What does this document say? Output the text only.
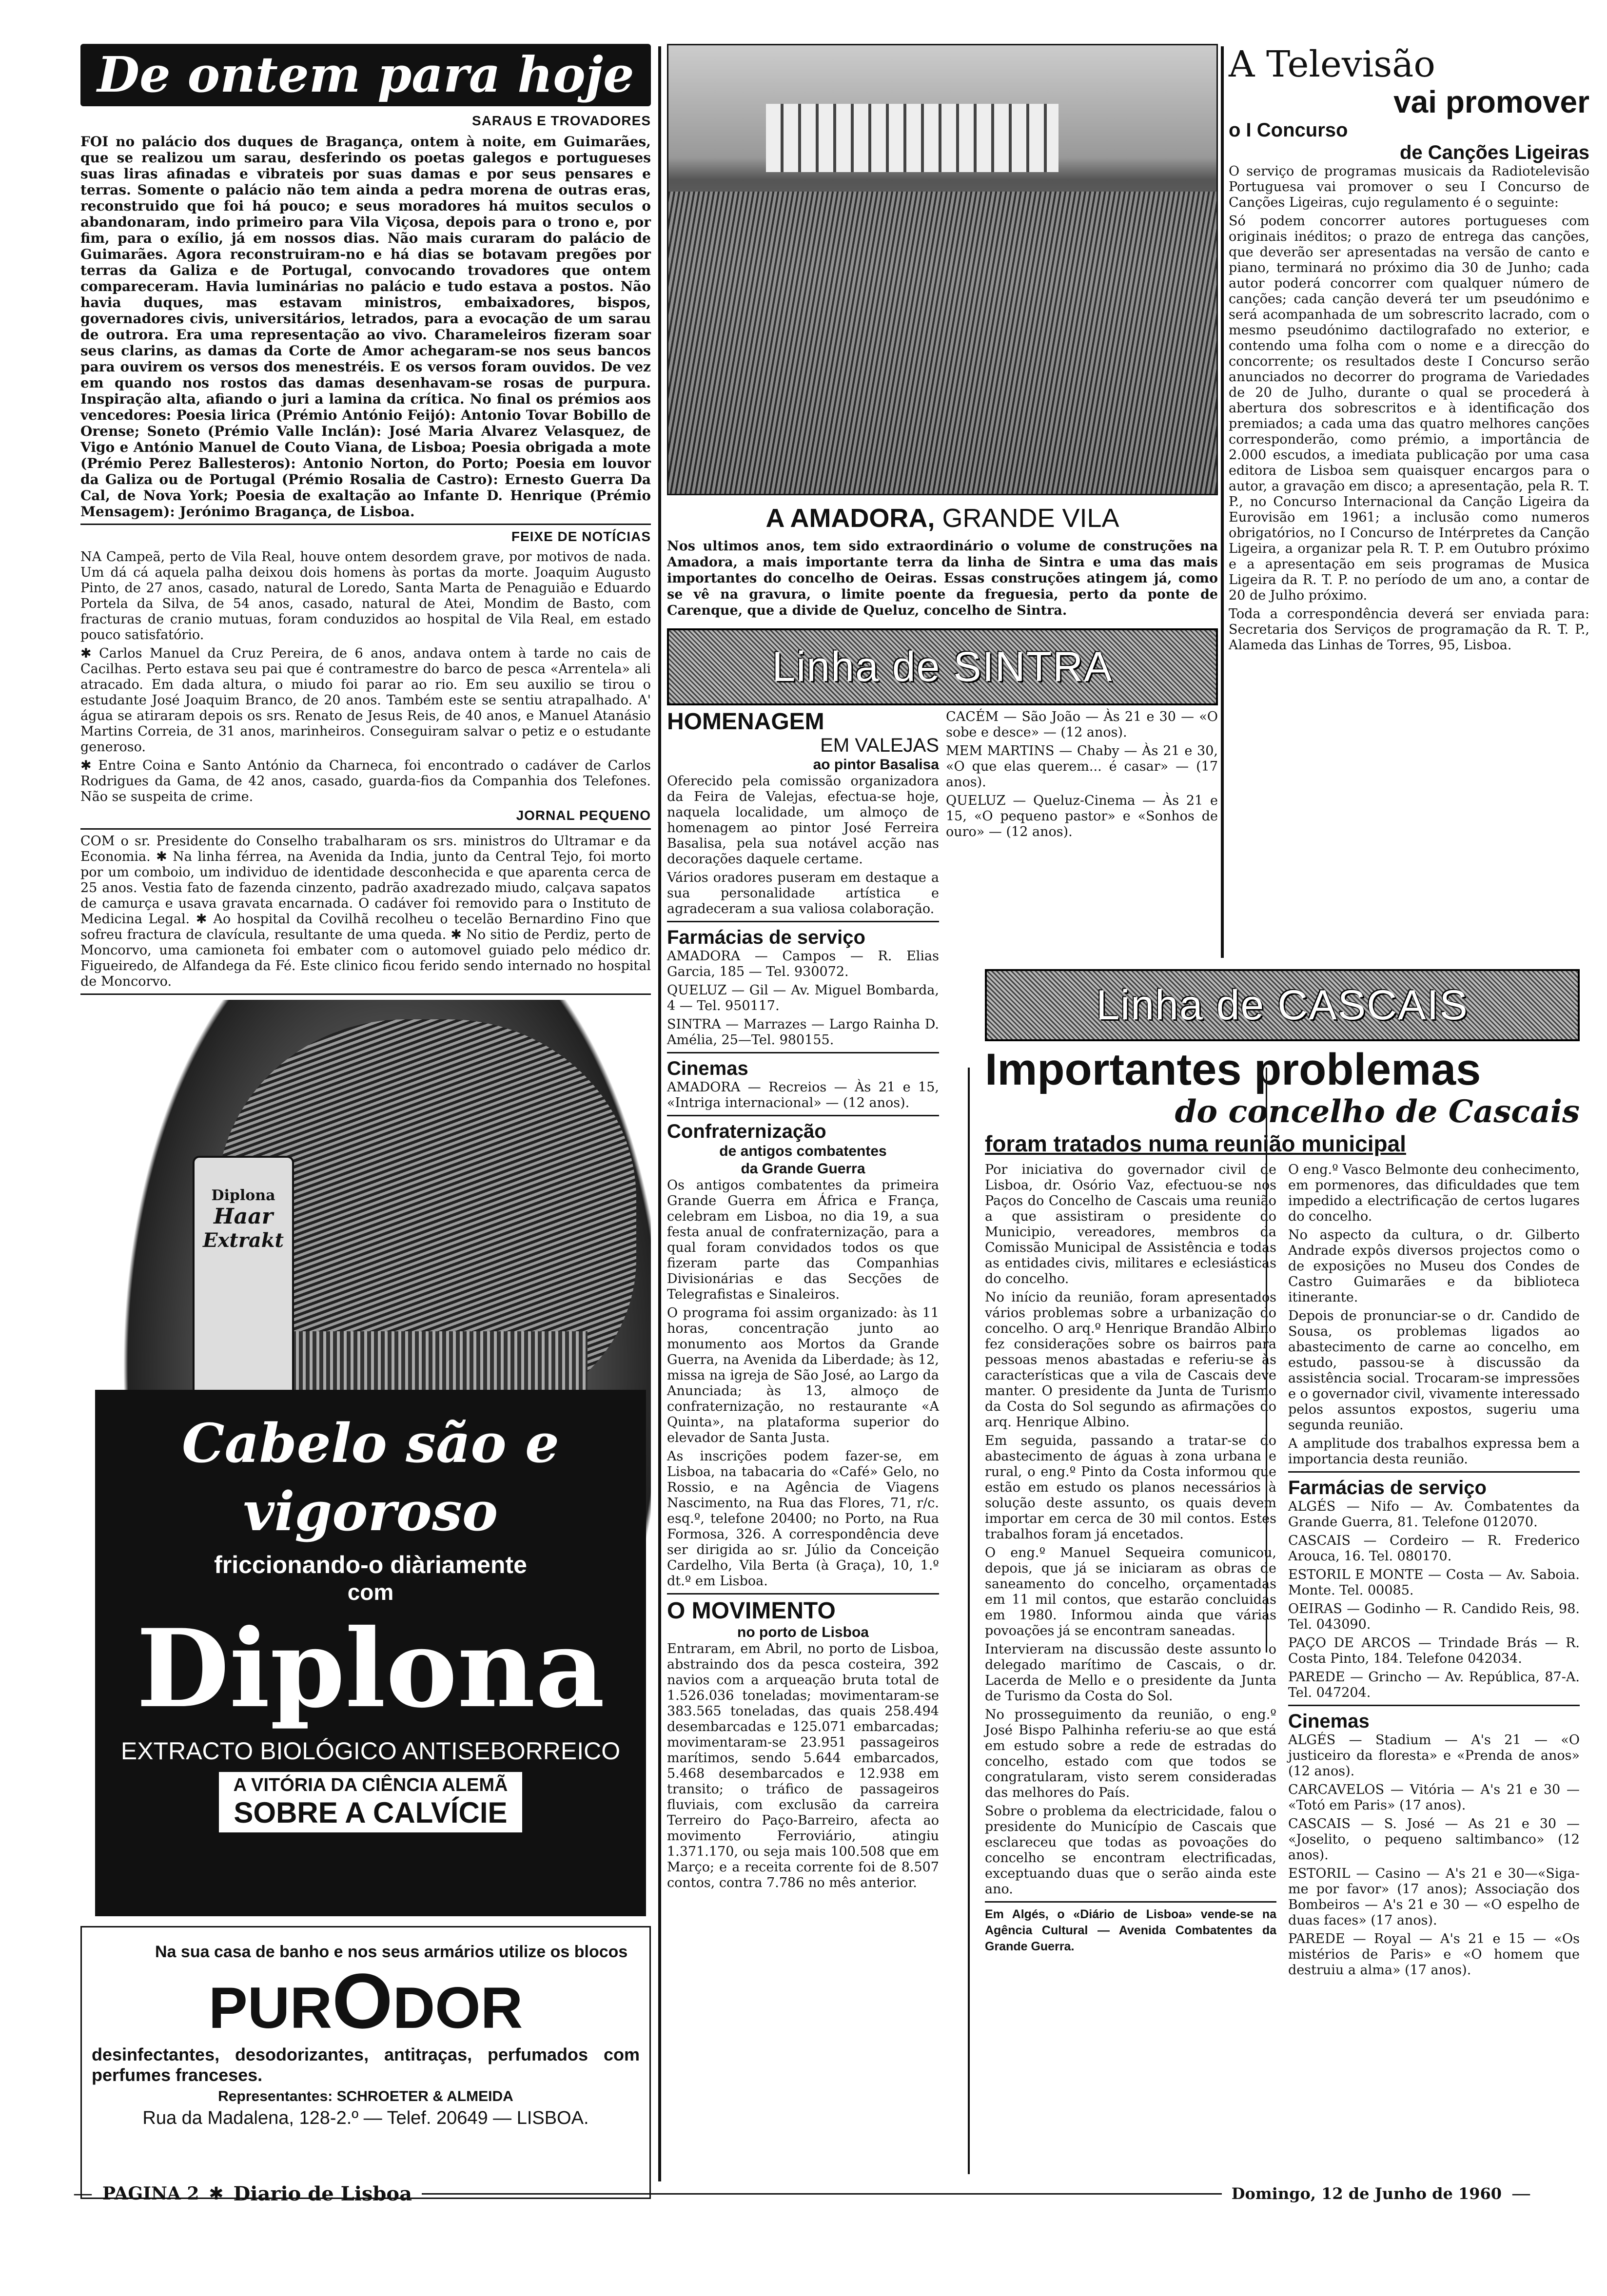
De ontem para hoje
SARAUS E TROVADORES

FOI no palácio dos duques de Bragança, ontem à noite, em Guimarães, que se realizou um sarau, desferindo os poetas galegos e portugueses suas liras afinadas e vibrateis por suas damas e por seus pensares e terras. Somente o palácio não tem ainda a pedra morena de outras eras, reconstruido que foi há pouco; e seus moradores há muitos seculos o abandonaram, indo primeiro para Vila Viçosa, depois para o trono e, por fim, para o exílio, já em nossos dias. Não mais curaram do palácio de Guimarães. Agora reconstruiram-no e há dias se botavam pregões por terras da Galiza e de Portugal, convocando trovadores que ontem compareceram. Havia luminárias no palácio e tudo estava a postos. Não havia duques, mas estavam ministros, embaixadores, bispos, governadores civis, universitários, letrados, para a evocação de um sarau de outrora. Era uma representação ao vivo. Charameleiros fizeram soar seus clarins, as damas da Corte de Amor achegaram-se nos seus bancos para ouvirem os versos dos menestréis. E os versos foram ouvidos. De vez em quando nos rostos das damas desenhavam-se rosas de purpura. Inspiração alta, afiando o juri a lamina da crítica. No final os prémios aos vencedores: Poesia lirica (Prémio António Feijó): Antonio Tovar Bobillo de Orense; Soneto (Prémio Valle Inclán): José Maria Alvarez Velasquez, de Vigo e António Manuel de Couto Viana, de Lisboa; Poesia obrigada a mote (Prémio Perez Ballesteros): Antonio Norton, do Porto; Poesia em louvor da Galiza ou de Portugal (Prémio Rosalia de Castro): Ernesto Guerra Da Cal, de Nova York; Poesia de exaltação ao Infante D. Henrique (Prémio Mensagem): Jerónimo Bragança, de Lisboa.

FEIXE DE NOTÍCIAS

NA Campeã, perto de Vila Real, houve ontem desordem grave, por motivos de nada. Um dá cá aquela palha deixou dois homens às portas da morte. Joaquim Augusto Pinto, de 27 anos, casado, natural de Loredo, Santa Marta de Penaguião e Eduardo Portela da Silva, de 54 anos, casado, natural de Atei, Mondim de Basto, com fracturas de cranio mutuas, foram conduzidos ao hospital de Vila Real, em estado pouco satisfatório.

✱ Carlos Manuel da Cruz Pereira, de 6 anos, andava ontem à tarde no cais de Cacilhas. Perto estava seu pai que é contramestre do barco de pesca «Arrentela» ali atracado. Em dada altura, o miudo foi parar ao rio. Em seu auxilio se tirou o estudante José Joaquim Branco, de 20 anos. Também este se sentiu atrapalhado. A' água se atiraram depois os srs. Renato de Jesus Reis, de 40 anos, e Manuel Atanásio Martins Correia, de 31 anos, marinheiros. Conseguiram salvar o petiz e o estudante generoso.

✱ Entre Coina e Santo António da Charneca, foi encontrado o cadáver de Carlos Rodrigues da Gama, de 42 anos, casado, guarda-fios da Companhia dos Telefones. Não se suspeita de crime.

JORNAL PEQUENO

COM o sr. Presidente do Conselho trabalharam os srs. ministros do Ultramar e da Economia. ✱ Na linha férrea, na Avenida da India, junto da Central Tejo, foi morto por um comboio, um individuo de identidade desconhecida e que aparenta cerca de 25 anos. Vestia fato de fazenda cinzento, padrão axadrezado miudo, calçava sapatos de camurça e usava gravata encarnada. O cadáver foi removido para o Instituto de Medicina Legal. ✱ Ao hospital da Covilhã recolheu o tecelão Bernardino Fino que sofreu fractura de clavícula, resultante de uma queda. ✱ No sitio de Perdiz, perto de Moncorvo, uma camioneta foi embater com o automovel guiado pelo médico dr. Figueiredo, de Alfandega da Fé. Este clinico ficou ferido sendo internado no hospital de Moncorvo.

Diplona
Haar
Extrakt
Cabelo são e vigoroso
friccionando-o diàriamente
com
Diplona
EXTRACTO BIOLÓGICO ANTISEBORREICO
A VITÓRIA DA CIÊNCIA ALEMÃ
SOBRE A CALVÍCIE

Na sua casa de banho e nos seus armários utilize os blocos

PURODOR

desinfectantes, desodorizantes, antitraças, perfumados com perfumes franceses.

Representantes: SCHROETER & ALMEIDA

Rua da Madalena, 128-2.º — Telef. 20649 — LISBOA.

A AMADORA, GRANDE VILA

Nos ultimos anos, tem sido extraordinário o volume de construções na Amadora, a mais importante terra da linha de Sintra e uma das mais importantes do concelho de Oeiras. Essas construções atingem já, como se vê na gravura, o limite poente da freguesia, perto da ponte de Carenque, que a divide de Queluz, concelho de Sintra.

Linha de SINTRA
HOMENAGEM
EM VALEJAS
ao pintor Basalisa

Oferecido pela comissão organizadora da Feira de Valejas, efectua-se hoje, naquela localidade, um almoço de homenagem ao pintor José Ferreira Basalisa, pela sua notável acção nas decorações daquele certame.

Vários oradores puseram em destaque a sua personalidade artística e agradeceram a sua valiosa colaboração.

Farmácias de serviço

AMADORA — Campos — R. Elias Garcia, 185 — Tel. 930072.

QUELUZ — Gil — Av. Miguel Bombarda, 4 — Tel. 950117.

SINTRA — Marrazes — Largo Rainha D. Amélia, 25—Tel. 980155.

Cinemas

AMADORA — Recreios — Às 21 e 15, «Intriga internacional» — (12 anos).

Confraternização
de antigos combatentes
da Grande Guerra

Os antigos combatentes da primeira Grande Guerra em África e França, celebram em Lisboa, no dia 19, a sua festa anual de confraternização, para a qual foram convidados todos os que fizeram parte das Companhias Divisionárias e das Secções de Telegrafistas e Sinaleiros.

O programa foi assim organizado: às 11 horas, concentração junto ao monumento aos Mortos da Grande Guerra, na Avenida da Liberdade; às 12, missa na igreja de São José, ao Largo da Anunciada; às 13, almoço de confraternização, no restaurante «A Quinta», na plataforma superior do elevador de Santa Justa.

As inscrições podem fazer-se, em Lisboa, na tabacaria do «Café» Gelo, no Rossio, e na Agência de Viagens Nascimento, na Rua das Flores, 71, r/c. esq.º, telefone 20400; no Porto, na Rua Formosa, 326. A correspondência deve ser dirigida ao sr. Júlio da Conceição Cardelho, Vila Berta (à Graça), 10, 1.º dt.º em Lisboa.

O MOVIMENTO
no porto de Lisboa

Entraram, em Abril, no porto de Lisboa, abstraindo dos da pesca costeira, 392 navios com a arqueação bruta total de 1.526.036 toneladas; movimentaram-se 383.565 toneladas, das quais 258.494 desembarcadas e 125.071 embarcadas; movimentaram-se 23.951 passageiros marítimos, sendo 5.644 embarcados, 5.468 desembarcados e 12.938 em transito; o tráfico de passageiros fluviais, com exclusão da carreira Terreiro do Paço-Barreiro, afecta ao movimento Ferroviário, atingiu 1.371.170, ou seja mais 100.508 que em Março; e a receita corrente foi de 8.507 contos, contra 7.786 no mês anterior.

CACÉM — São João — Às 21 e 30 — «O sobe e desce» — (12 anos).

MEM MARTINS — Chaby — Às 21 e 30, «O que elas querem... é casar» — (17 anos).

QUELUZ — Queluz-Cinema — Às 21 e 15, «O pequeno pastor» e «Sonhos de ouro» — (12 anos).

A Televisão
vai promover
o I Concurso
de Canções Ligeiras

O serviço de programas musicais da Radiotelevisão Portuguesa vai promover o seu I Concurso de Canções Ligeiras, cujo regulamento é o seguinte:

Só podem concorrer autores portugueses com originais inéditos; o prazo de entrega das canções, que deverão ser apresentadas na versão de canto e piano, terminará no próximo dia 30 de Junho; cada autor poderá concorrer com qualquer número de canções; cada canção deverá ter um pseudónimo e será acompanhada de um sobrescrito lacrado, com o mesmo pseudónimo dactilografado no exterior, e contendo uma folha com o nome e a direcção do concorrente; os resultados deste I Concurso serão anunciados no decorrer do programa de Variedades de 20 de Julho, durante o qual se procederá à abertura dos sobrescritos e à identificação dos premiados; a cada uma das quatro melhores canções corresponderão, como prémio, a importância de 2.000 escudos, a imediata publicação por uma casa editora de Lisboa sem quaisquer encargos para o autor, a gravação em disco; a apresentação, pela R. T. P., no Concurso Internacional da Canção Ligeira da Eurovisão em 1961; a inclusão como numeros obrigatórios, no I Concurso de Intérpretes da Canção Ligeira, a organizar pela R. T. P. em Outubro próximo e a apresentação em seis programas de Musica Ligeira da R. T. P. no período de um ano, a contar de 20 de Julho próximo.

Toda a correspondência deverá ser enviada para: Secretaria dos Serviços de programação da R. T. P., Alameda das Linhas de Torres, 95, Lisboa.

Linha de CASCAIS
Importantes problemas
do concelho de Cascais
foram tratados numa reunião municipal

Por iniciativa do governador civil de Lisboa, dr. Osório Vaz, efectuou-se nos Paços do Concelho de Cascais uma reunião a que assistiram o presidente do Municipio, vereadores, membros da Comissão Municipal de Assistência e todas as entidades civis, militares e eclesiásticas do concelho.

No início da reunião, foram apresentados vários problemas sobre a urbanização do concelho. O arq.º Henrique Brandão Albino fez considerações sobre os bairros para pessoas menos abastadas e referiu-se às características que a vila de Cascais deve manter. O presidente da Junta de Turismo da Costa do Sol segundo as afirmações do arq. Henrique Albino.

Em seguida, passando a tratar-se do abastecimento de águas à zona urbana e rural, o eng.º Pinto da Costa informou que estão em estudo os planos necessários à solução deste assunto, os quais devem importar em cerca de 30 mil contos. Estes trabalhos foram já encetados.

O eng.º Manuel Sequeira comunicou, depois, que já se iniciaram as obras de saneamento do concelho, orçamentadas em 11 mil contos, que estarão concluidas em 1980. Informou ainda que várias povoações já se encontram saneadas.

Intervieram na discussão deste assunto o delegado marítimo de Cascais, o dr. Lacerda de Mello e o presidente da Junta de Turismo da Costa do Sol.

No prosseguimento da reunião, o eng.º José Bispo Palhinha referiu-se ao que está em estudo sobre a rede de estradas do concelho, estado com que todos se congratularam, visto serem consideradas das melhores do País.

Sobre o problema da electricidade, falou o presidente do Município de Cascais que esclareceu que todas as povoações do concelho se encontram electrificadas, exceptuando duas que o serão ainda este ano.

Em Algés, o «Diário de Lisboa» vende-se na Agência Cultural — Avenida Combatentes da Grande Guerra.

O eng.º Vasco Belmonte deu conhecimento, em pormenores, das dificuldades que tem impedido a electrificação de certos lugares do concelho.

No aspecto da cultura, o dr. Gilberto Andrade expôs diversos projectos como o de exposições no Museu dos Condes de Castro Guimarães e da biblioteca itinerante.

Depois de pronunciar-se o dr. Candido de Sousa, os problemas ligados ao abastecimento de carne ao concelho, em estudo, passou-se à discussão da assistência social. Trocaram-se impressões e o governador civil, vivamente interessado pelos assuntos expostos, sugeriu uma segunda reunião.

A amplitude dos trabalhos expressa bem a importancia desta reunião.

Farmácias de serviço

ALGÉS — Nifo — Av. Combatentes da Grande Guerra, 81. Telefone 012070.

CASCAIS — Cordeiro — R. Frederico Arouca, 16. Tel. 080170.

ESTORIL E MONTE — Costa — Av. Saboia. Monte. Tel. 00085.

OEIRAS — Godinho — R. Candido Reis, 98. Tel. 043090.

PAÇO DE ARCOS — Trindade Brás — R. Costa Pinto, 184. Telefone 042034.

PAREDE — Grincho — Av. República, 87-A. Tel. 047204.

Cinemas

ALGÉS — Stadium — A's 21 — «O justiceiro da floresta» e «Prenda de anos» (12 anos).

CARCAVELOS — Vitória — A's 21 e 30 — «Totó em Paris» (17 anos).

CASCAIS — S. José — As 21 e 30 — «Joselito, o pequeno saltimbanco» (12 anos).

ESTORIL — Casino — A's 21 e 30—«Siga-me por favor» (17 anos); Associação dos Bombeiros — A's 21 e 30 — «O espelho de duas faces» (17 anos).

PAREDE — Royal — A's 21 e 15 — «Os mistérios de Paris» e «O homem que destruiu a alma» (17 anos).

— PAGINA 2 ✱ Diario de Lisboa	Domingo, 12 de Junho de 1960 —
